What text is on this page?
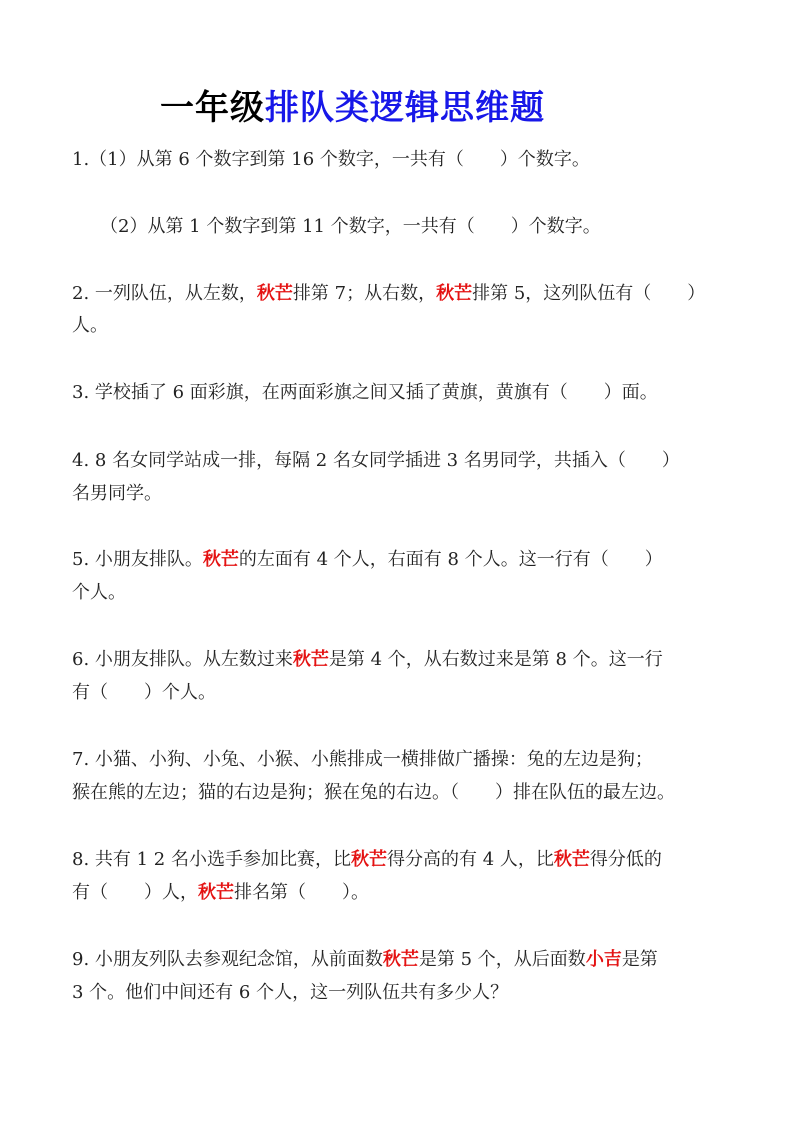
一年级排队类逻辑思维题
1.（1）从第 6 个数字到第 16 个数字，一共有（　　）个数字。
（2）从第 1 个数字到第 11 个数字，一共有（　　）个数字。
2. 一列队伍，从左数，秋芒排第 7；从右数，秋芒排第 5，这列队伍有（　　）
人。
3. 学校插了 6 面彩旗，在两面彩旗之间又插了黄旗，黄旗有（　　）面。
4. 8 名女同学站成一排，每隔 2 名女同学插进 3 名男同学，共插入（　　）
名男同学。
5. 小朋友排队。秋芒的左面有 4 个人，右面有 8 个人。这一行有（　　）
个人。
6. 小朋友排队。从左数过来秋芒是第 4 个，从右数过来是第 8 个。这一行
有（　　）个人。
7. 小猫、小狗、小兔、小猴、小熊排成一横排做广播操：兔的左边是狗；
猴在熊的左边；猫的右边是狗；猴在兔的右边。（　　）排在队伍的最左边。
8. 共有 1 2 名小选手参加比赛，比秋芒得分高的有 4 人，比秋芒得分低的
有（　　）人，秋芒排名第（　　）。
9. 小朋友列队去参观纪念馆，从前面数秋芒是第 5 个，从后面数小吉是第
3 个。他们中间还有 6 个人，这一列队伍共有多少人？
